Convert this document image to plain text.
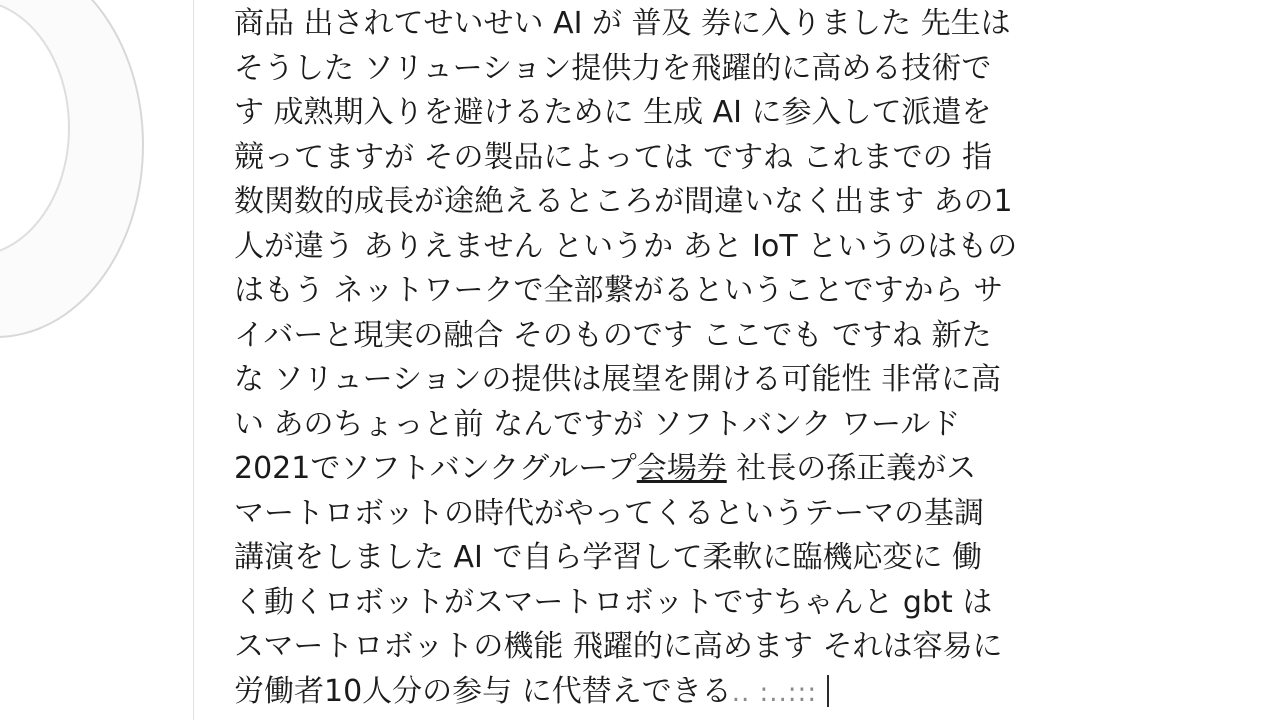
商品 出されてせいせい AI が 普及 券に入りました 先生は
そうした ソリューション提供力を飛躍的に高める技術で
す 成熟期入りを避けるために 生成 AI に参入して派遣を
競ってますが その製品によっては ですね これまでの 指
数関数的成長が途絶えるところが間違いなく出ます あの1
人が違う ありえません というか あと IoT というのはもの
はもう ネットワークで全部繋がるということですから サ
イバーと現実の融合 そのものです ここでも ですね 新た
な ソリューションの提供は展望を開ける可能性 非常に高
い あのちょっと前 なんですが ソフトバンク ワールド
2021でソフトバンクグループ会場券 社長の孫正義がス
マートロボットの時代がやってくるというテーマの基調
講演をしました AI で自ら学習して柔軟に臨機応変に 働
く動くロボットがスマートロボットですちゃんと gbt は
スマートロボットの機能 飛躍的に高めます それは容易に
労働者10人分の参与 に代替えできる.. :..:::
